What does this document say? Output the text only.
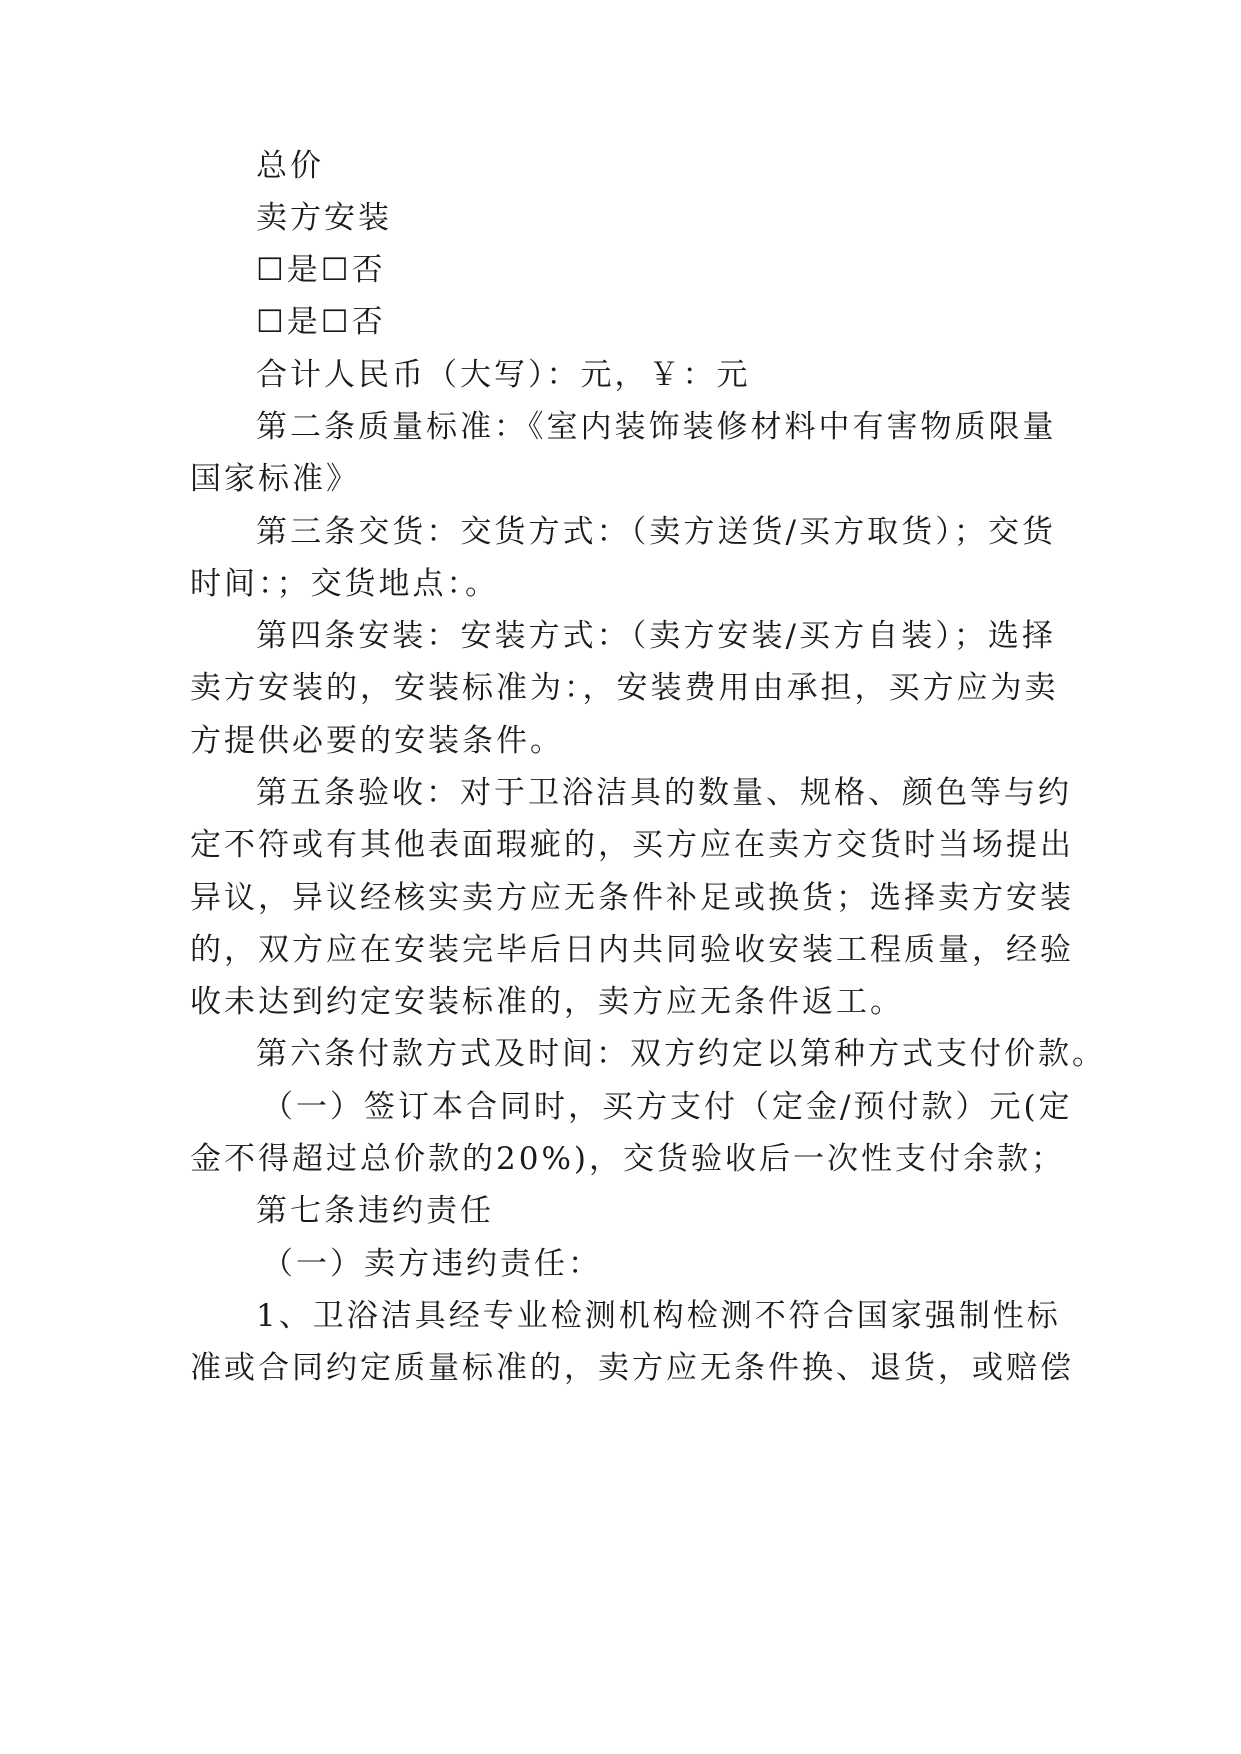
总价
卖方安装
☐是☐否
☐是☐否
合计人民币（大写）：元，￥：元
第二条质量标准：《室内装饰装修材料中有害物质限量
国家标准》
第三条交货：交货方式：（卖方送货/买方取货）；交货
时间：；交货地点：。
第四条安装：安装方式：（卖方安装/买方自装）；选择
卖方安装的，安装标准为：，安装费用由承担，买方应为卖
方提供必要的安装条件。
第五条验收：对于卫浴洁具的数量、规格、颜色等与约
定不符或有其他表面瑕疵的，买方应在卖方交货时当场提出
异议，异议经核实卖方应无条件补足或换货；选择卖方安装
的，双方应在安装完毕后日内共同验收安装工程质量，经验
收未达到约定安装标准的，卖方应无条件返工。
第六条付款方式及时间：双方约定以第种方式支付价款。
（一）签订本合同时，买方支付（定金/预付款）元(定
金不得超过总价款的20%)，交货验收后一次性支付余款；
第七条违约责任
（一）卖方违约责任：
1、卫浴洁具经专业检测机构检测不符合国家强制性标
准或合同约定质量标准的，卖方应无条件换、退货，或赔偿
